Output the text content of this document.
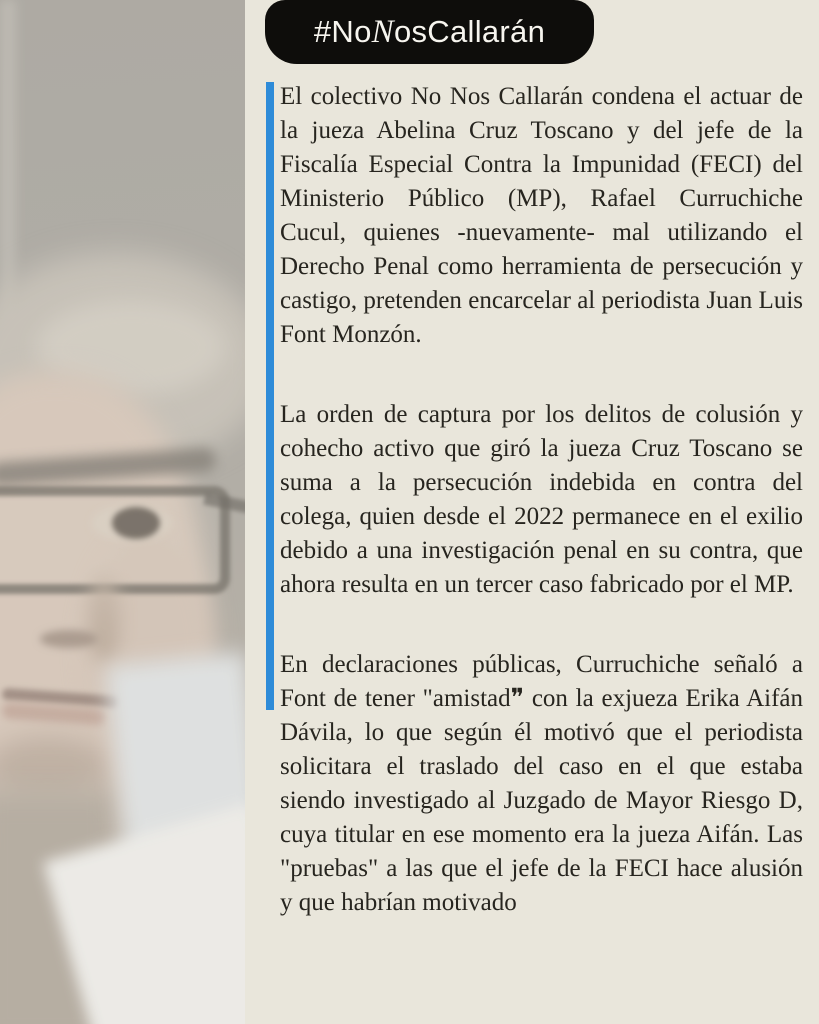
#NoNosCallarán

El colectivo No Nos Callarán condena el actuar de la jueza Abelina Cruz Toscano y del jefe de la Fiscalía Especial Contra la Impunidad (FECI) del Ministerio Público (MP), Rafael Curruchiche Cucul, quienes -nuevamente- mal utilizando el Derecho Penal como herramienta de persecución y castigo, pretenden encarcelar al periodista Juan Luis Font Monzón.

La orden de captura por los delitos de colusión y cohecho activo que giró la jueza Cruz Toscano se suma a la persecución indebida en contra del colega, quien desde el 2022 permanece en el exilio debido a una investigación penal en su contra, que ahora resulta en un tercer caso fabricado por el MP.

En declaraciones públicas, Curruchiche señaló a Font de tener "amistad❞ con la exjueza Erika Aifán Dávila, lo que según él motivó que el periodista solicitara el traslado del caso en el que estaba siendo investigado al Juzgado de Mayor Riesgo D, cuya titular en ese momento era la jueza Aifán. Las "pruebas" a las que el jefe de la FECI hace alusión y que habrían motivado
